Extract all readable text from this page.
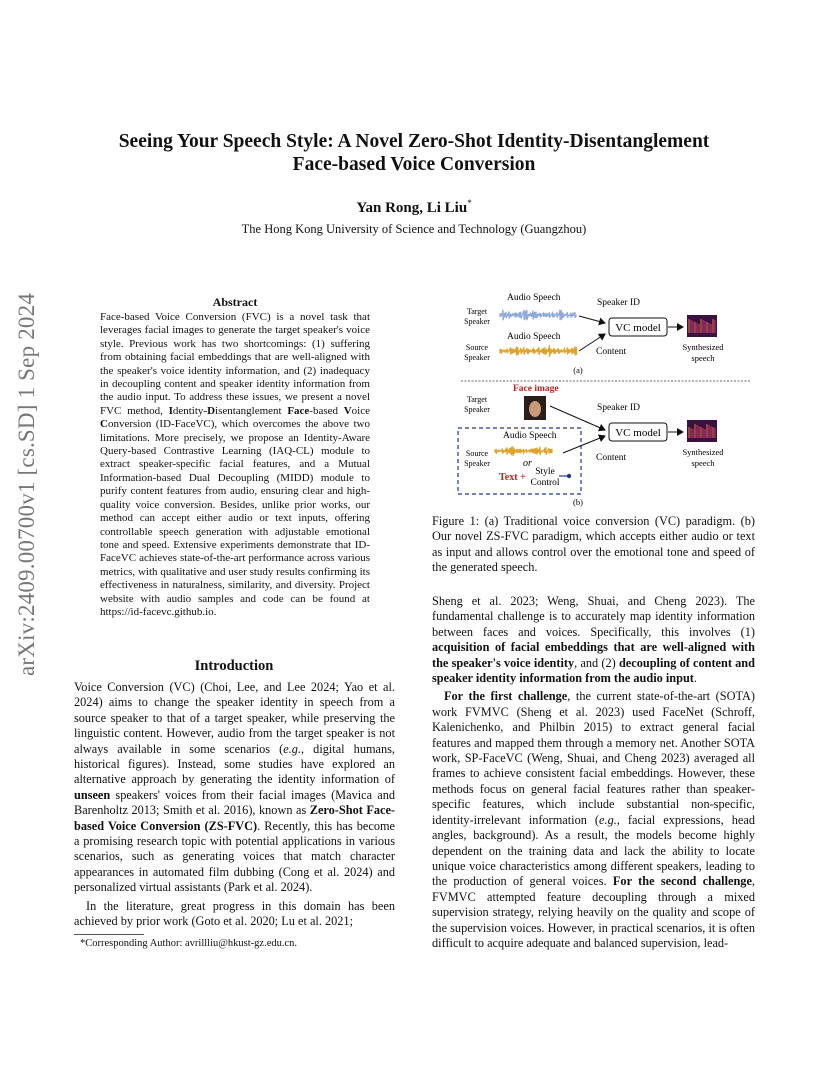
Seeing Your Speech Style: A Novel Zero-Shot Identity-Disentanglement
Face-based Voice Conversion
Yan Rong, Li Liu*
The Hong Kong University of Science and Technology (Guangzhou)
arXiv:2409.00700v1 [cs.SD] 1 Sep 2024	Abstract
Face-based Voice Conversion (FVC) is a novel task that leverages facial images to generate the target speaker's voice style. Previous work has two shortcomings: (1) suffering from obtaining facial embeddings that are well-aligned with the speaker's voice identity information, and (2) inadequacy in decoupling content and speaker identity information from the audio input. To address these issues, we present a novel FVC method, Identity-Disentanglement Face-based Voice Conversion (ID-FaceVC), which overcomes the above two limitations. More precisely, we propose an Identity-Aware Query-based Contrastive Learning (IAQ-CL) module to extract speaker-specific facial features, and a Mutual Information-based Dual Decoupling (MIDD) module to purify content features from audio, ensuring clear and high-quality voice conversion. Besides, unlike prior works, our method can accept either audio or text inputs, offering controllable speech generation with adjustable emotional tone and speed. Extensive experiments demonstrate that ID-FaceVC achieves state-of-the-art performance across various metrics, with qualitative and user study results confirming its effectiveness in naturalness, similarity, and diversity. Project website with audio samples and code can be found at https://id-facevc.github.io.
Introduction

Voice Conversion (VC) (Choi, Lee, and Lee 2024; Yao et al. 2024) aims to change the speaker identity in speech from a source speaker to that of a target speaker, while preserving the linguistic content. However, audio from the target speaker is not always available in some scenarios (e.g., digital humans, historical figures). Instead, some studies have explored an alternative approach by generating the identity information of unseen speakers' voices from their facial images (Mavica and Barenholtz 2013; Smith et al. 2016), known as Zero-Shot Face-based Voice Conversion (ZS-FVC). Recently, this has become a promising research topic with potential applications in various scenarios, such as generating voices that match character appearances in automated film dubbing (Cong et al. 2024) and personalized virtual assistants (Park et al. 2024).

In the literature, great progress in this domain has been achieved by prior work (Goto et al. 2020; Lu et al. 2021;

*Corresponding Author: avrillliu@hkust-gz.edu.cn.
Audio Speech
Target
Speaker
Audio Speech
Source
Speaker
Speaker ID
VC model
Content	Synthesized
speech
(a)
Face image
Target
Speaker	Speaker ID
VC model
Audio Speech
Source
Speaker	or
Text + Style
Control
Content
Synthesized
speech
(b)
Figure 1: (a) Traditional voice conversion (VC) paradigm. (b) Our novel ZS-FVC paradigm, which accepts either audio or text as input and allows control over the emotional tone and speed of the generated speech.

Sheng et al. 2023; Weng, Shuai, and Cheng 2023). The fundamental challenge is to accurately map identity information between faces and voices. Specifically, this involves (1) acquisition of facial embeddings that are well-aligned with the speaker's voice identity, and (2) decoupling of content and speaker identity information from the audio input.

For the first challenge, the current state-of-the-art (SOTA) work FVMVC (Sheng et al. 2023) used FaceNet (Schroff, Kalenichenko, and Philbin 2015) to extract general facial features and mapped them through a memory net. Another SOTA work, SP-FaceVC (Weng, Shuai, and Cheng 2023) averaged all frames to achieve consistent facial embeddings. However, these methods focus on general facial features rather than speaker-specific features, which include substantial non-specific, identity-irrelevant information (e.g., facial expressions, head angles, background). As a result, the models become highly dependent on the training data and lack the ability to locate unique voice characteristics among different speakers, leading to the production of general voices. For the second challenge, FVMVC attempted feature decoupling through a mixed supervision strategy, relying heavily on the quality and scope of the supervision voices. However, in practical scenarios, it is often difficult to acquire adequate and balanced supervision, lead-
